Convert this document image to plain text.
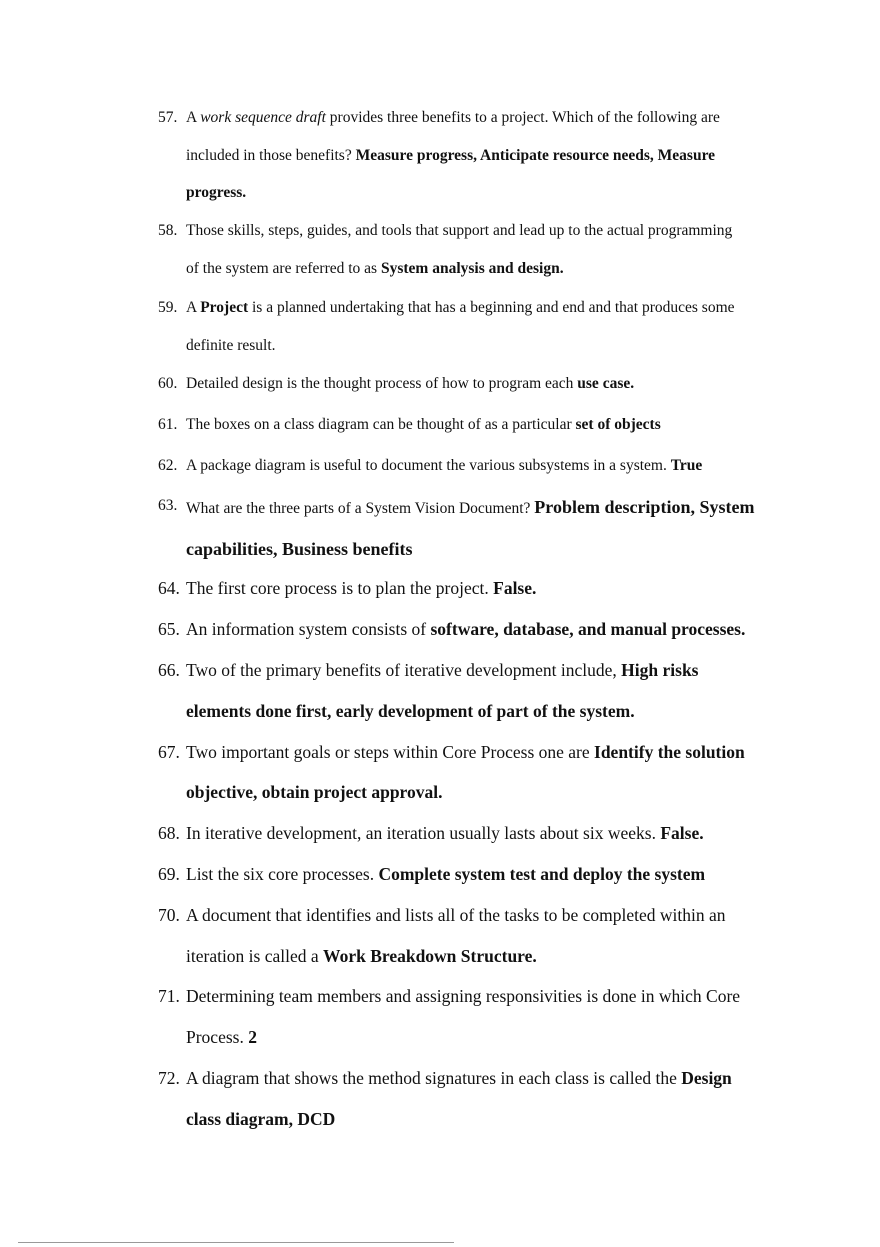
57. A work sequence draft provides three benefits to a project. Which of the following are
included in those benefits? Measure progress, Anticipate resource needs, Measure
progress.
58. Those skills, steps, guides, and tools that support and lead up to the actual programming
of the system are referred to as System analysis and design.
59. A Project is a planned undertaking that has a beginning and end and that produces some
definite result.
60. Detailed design is the thought process of how to program each use case.
61. The boxes on a class diagram can be thought of as a particular set of objects
62. A package diagram is useful to document the various subsystems in a system. True
63. What are the three parts of a System Vision Document? Problem description, System
capabilities, Business benefits
64. The first core process is to plan the project. False.
65. An information system consists of software, database, and manual processes.
66. Two of the primary benefits of iterative development include, High risks
elements done first, early development of part of the system.
67. Two important goals or steps within Core Process one are Identify the solution
objective, obtain project approval.
68. In iterative development, an iteration usually lasts about six weeks. False.
69. List the six core processes. Complete system test and deploy the system
70. A document that identifies and lists all of the tasks to be completed within an
iteration is called a Work Breakdown Structure.
71. Determining team members and assigning responsivities is done in which Core
Process. 2
72. A diagram that shows the method signatures in each class is called the Design
class diagram, DCD
